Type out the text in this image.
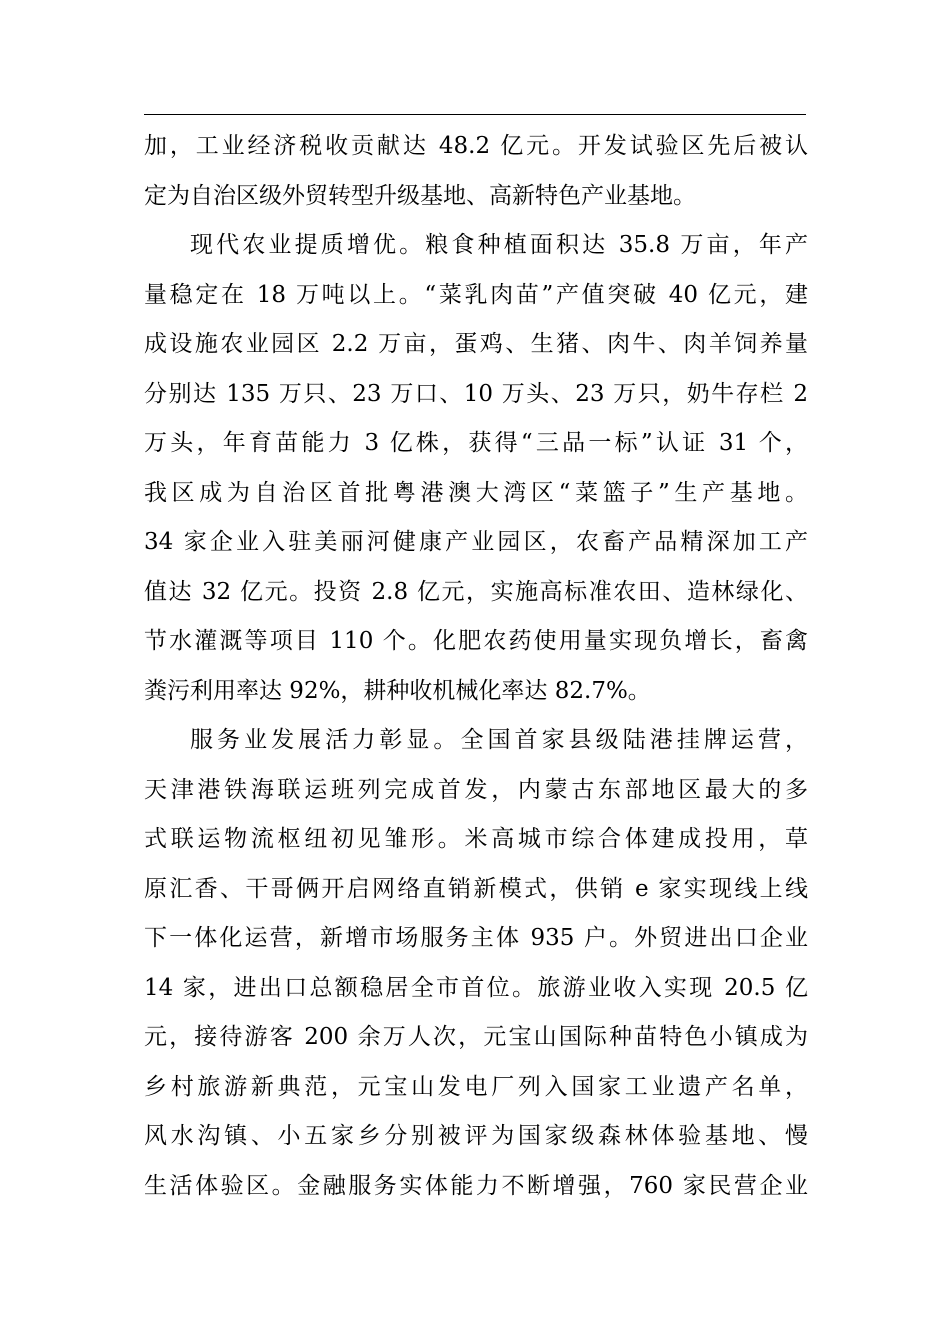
加，工业经济税收贡献达 48.2 亿元。开发试验区先后被认
定为自治区级外贸转型升级基地、高新特色产业基地。
现代农业提质增优。粮食种植面积达 35.8 万亩，年产
量稳定在 18 万吨以上。“菜乳肉苗”产值突破 40 亿元，建
成设施农业园区 2.2 万亩，蛋鸡、生猪、肉牛、肉羊饲养量
分别达 135 万只、23 万口、10 万头、23 万只，奶牛存栏 2
万头，年育苗能力 3 亿株，获得“三品一标”认证 31 个，
我区成为自治区首批粤港澳大湾区“菜篮子”生产基地。
34 家企业入驻美丽河健康产业园区，农畜产品精深加工产
值达 32 亿元。投资 2.8 亿元，实施高标准农田、造林绿化、
节水灌溉等项目 110 个。化肥农药使用量实现负增长，畜禽
粪污利用率达 92%，耕种收机械化率达 82.7%。
服务业发展活力彰显。全国首家县级陆港挂牌运营，
天津港铁海联运班列完成首发，内蒙古东部地区最大的多
式联运物流枢纽初见雏形。米高城市综合体建成投用，草
原汇香、干哥俩开启网络直销新模式，供销 e 家实现线上线
下一体化运营，新增市场服务主体 935 户。外贸进出口企业
14 家，进出口总额稳居全市首位。旅游业收入实现 20.5 亿
元，接待游客 200 余万人次，元宝山国际种苗特色小镇成为
乡村旅游新典范，元宝山发电厂列入国家工业遗产名单，
风水沟镇、小五家乡分别被评为国家级森林体验基地、慢
生活体验区。金融服务实体能力不断增强，760 家民营企业
